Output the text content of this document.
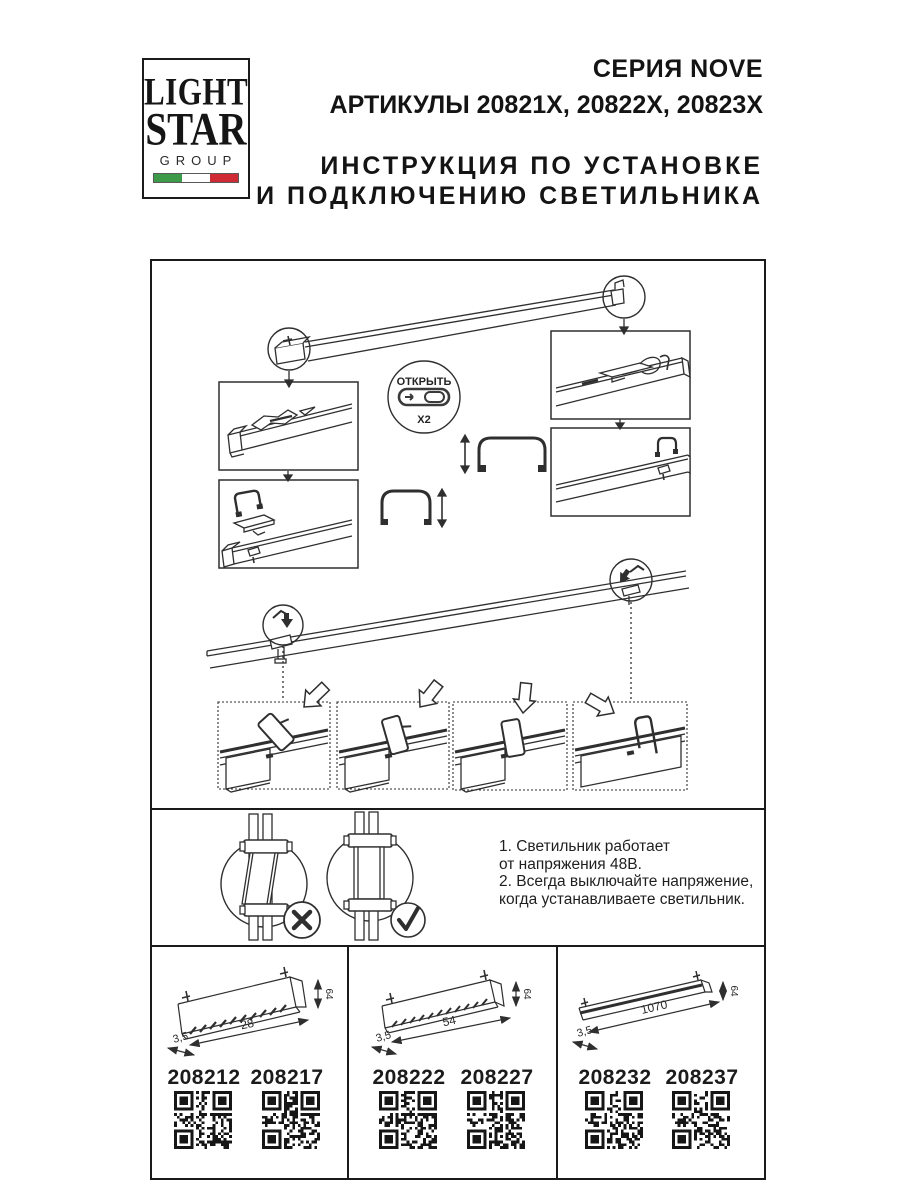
LIGHT
STAR
GROUP
СЕРИЯ NOVE
АРТИКУЛЫ 20821X, 20822X, 20823X
ИНСТРУКЦИЯ ПО УСТАНОВКЕ
И ПОДКЛЮЧЕНИЮ СВЕТИЛЬНИКА
ОТКРЫТЬ
X2
1. Светильник работает
от напряжения 48В.
2. Всегда выключайте напряжение,
когда устанавливаете светильник.
64
28
3,5
64
54
3,5
64
1070
3,5
208212 208217 208222 208227 208232 208237
